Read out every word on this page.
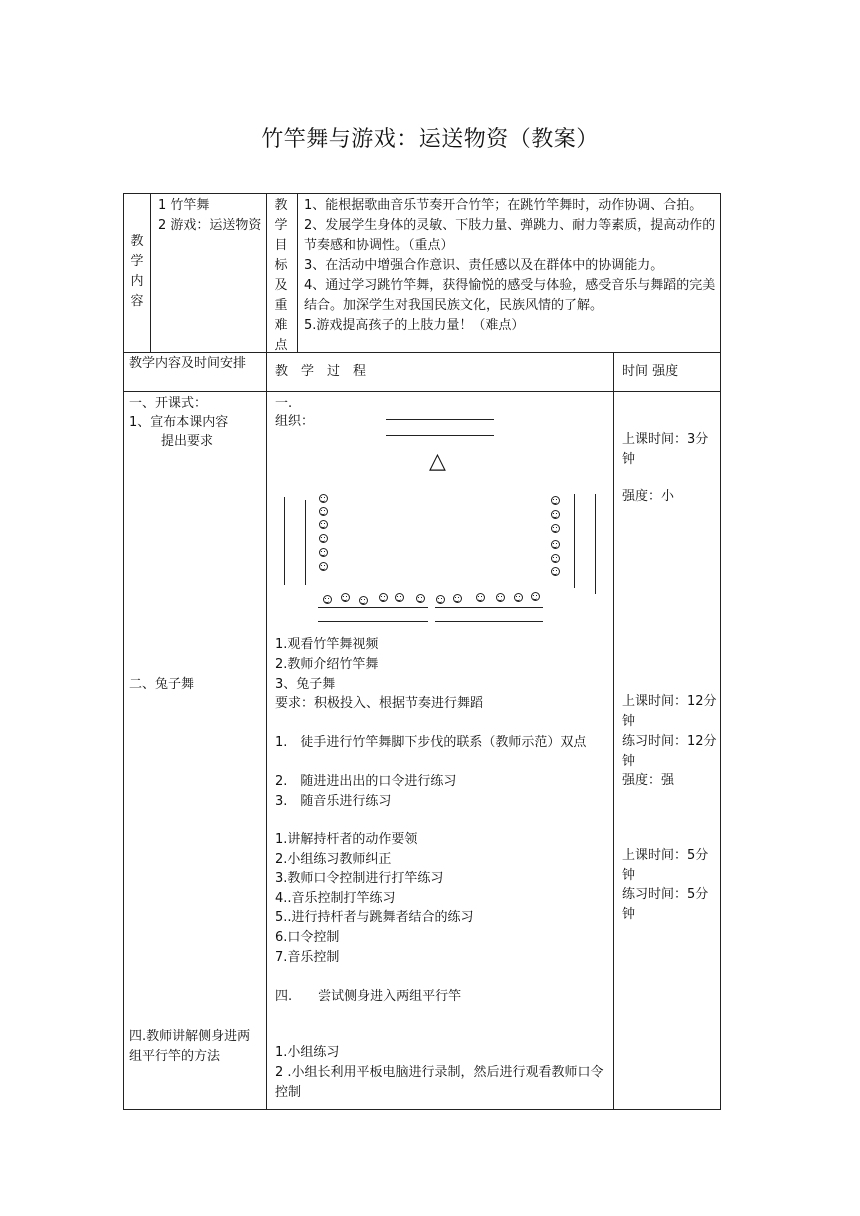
竹竿舞与游戏：运送物资（教案）
教学内容
1 竹竿舞
2 游戏：运送物资
教学目标及重难点
1、能根据歌曲音乐节奏开合竹竿；在跳竹竿舞时，动作协调、合拍。
2、发展学生身体的灵敏、下肢力量、弹跳力、耐力等素质，提高动作的节奏感和协调性。（重点）
3、在活动中增强合作意识、责任感以及在群体中的协调能力。
4、通过学习跳竹竿舞，获得愉悦的感受与体验，感受音乐与舞蹈的完美结合。加深学生对我国民族文化，民族风情的了解。
5.游戏提高孩子的上肢力量！（难点）
教学内容及时间安排
教　学　过　程	时间 强度
一、开课式：
1、宣布本课内容
提出要求
二、兔子舞
四.教师讲解侧身进两组平行竿的方法
一.
组织：
△
1.观看竹竿舞视频
2.教师介绍竹竿舞
3、兔子舞
要求：积极投入、根据节奏进行舞蹈
1.　徒手进行竹竿舞脚下步伐的联系（教师示范）双点
2.　随进进出出的口令进行练习
3.　随音乐进行练习
1.讲解持杆者的动作要领
2.小组练习教师纠正
3.教师口令控制进行打竿练习
4..音乐控制打竿练习
5..进行持杆者与跳舞者结合的练习
6.口令控制
7.音乐控制
四.　　尝试侧身进入两组平行竿
1.小组练习
2 .小组长利用平板电脑进行录制，然后进行观看教师口令控制
上课时间：3分钟
强度：小
上课时间：12分钟
练习时间：12分钟
强度：强
上课时间：5分钟
练习时间：5分钟
